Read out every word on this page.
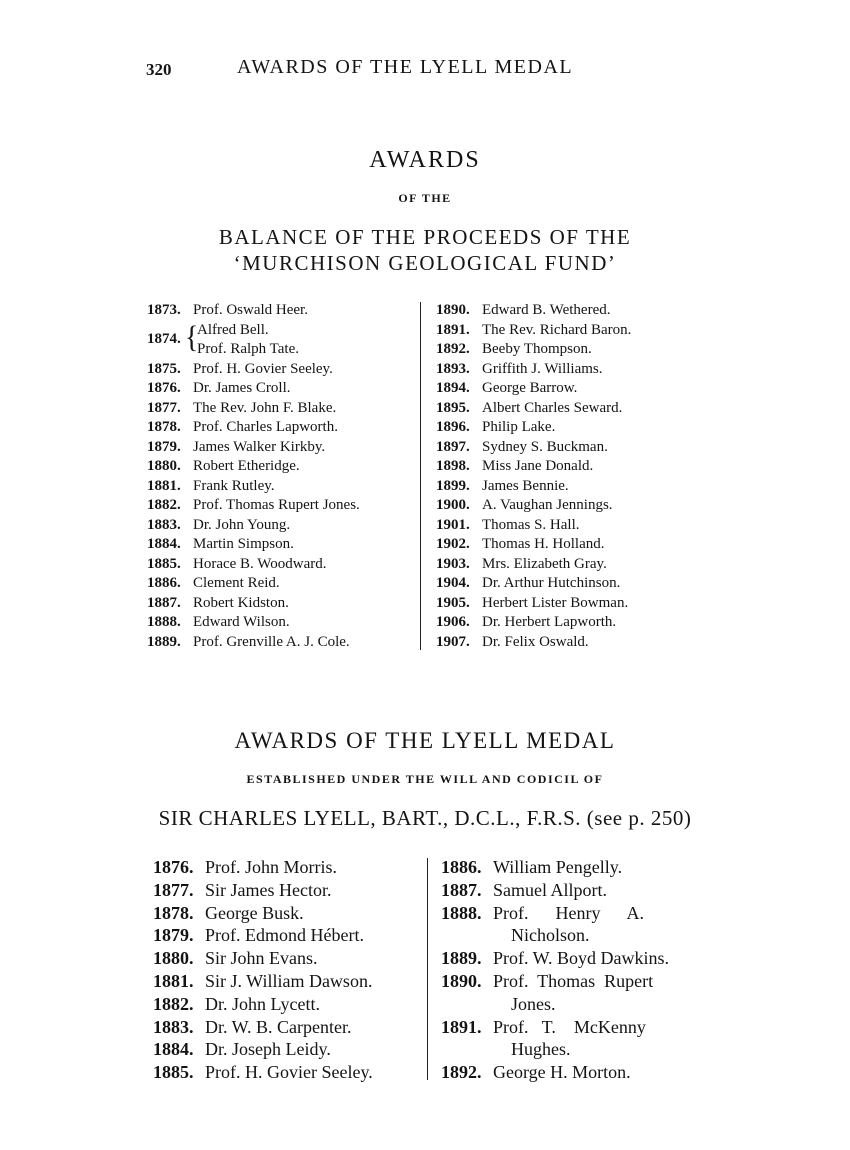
320	AWARDS OF THE LYELL MEDAL
AWARDS
OF THE
BALANCE OF THE PROCEEDS OF THE
‘MURCHISON GEOLOGICAL FUND’
1873. Prof. Oswald Heer.
1874. {
Alfred Bell.
Prof. Ralph Tate.
1875. Prof. H. Govier Seeley.
1876. Dr. James Croll.
1877. The Rev. John F. Blake.
1878. Prof. Charles Lapworth.
1879. James Walker Kirkby.
1880. Robert Etheridge.
1881. Frank Rutley.
1882. Prof. Thomas Rupert Jones.
1883. Dr. John Young.
1884. Martin Simpson.
1885. Horace B. Woodward.
1886. Clement Reid.
1887. Robert Kidston.
1888. Edward Wilson.
1889. Prof. Grenville A. J. Cole.
1890. Edward B. Wethered.
1891. The Rev. Richard Baron.
1892. Beeby Thompson.
1893. Griffith J. Williams.
1894. George Barrow.
1895. Albert Charles Seward.
1896. Philip Lake.
1897. Sydney S. Buckman.
1898. Miss Jane Donald.
1899. James Bennie.
1900. A. Vaughan Jennings.
1901. Thomas S. Hall.
1902. Thomas H. Holland.
1903. Mrs. Elizabeth Gray.
1904. Dr. Arthur Hutchinson.
1905. Herbert Lister Bowman.
1906. Dr. Herbert Lapworth.
1907. Dr. Felix Oswald.
AWARDS OF THE LYELL MEDAL
ESTABLISHED UNDER THE WILL AND CODICIL OF
SIR CHARLES LYELL, BART., D.C.L., F.R.S. (see p. 250)
1876. Prof. John Morris.
1877. Sir James Hector.
1878. George Busk.
1879. Prof. Edmond Hébert.
1880. Sir John Evans.
1881. Sir J. William Dawson.
1882. Dr. John Lycett.
1883. Dr. W. B. Carpenter.
1884. Dr. Joseph Leidy.
1885. Prof. H. Govier Seeley.
1886. William Pengelly.
1887. Samuel Allport.
1888. Prof.      Henry      A.
Nicholson.
1889. Prof. W. Boyd Dawkins.
1890. Prof.  Thomas  Rupert
Jones.
1891. Prof.   T.    McKenny
Hughes.
1892. George H. Morton.
